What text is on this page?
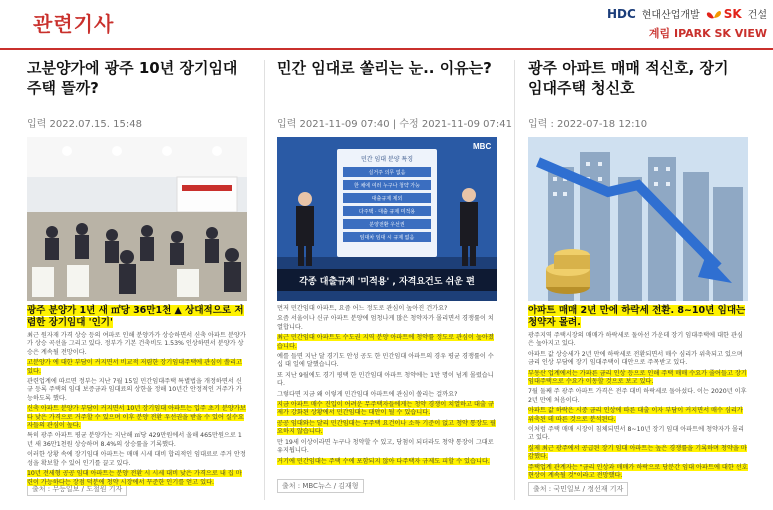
관련기사	HDC 현대산업개발 SK 건설
계림 IPARK SK VIEW
고분양가에 광주 10년 장기임대 주택 뜰까?
입력 2022.07.15. 15:48
광주 분양가 1년 새 ㎡당 36만1천 ▲ 상대적으로 저렴한 장기임대 '인기'

최근 원자재 가격 상승 등의 여파로 인해 분양가가 상승하면서 신축 아파트 분양가가 상승 곡선을 그리고 있다. 정부가 기본 건축비도 1.53% 인상하면서 분양가 상승은 계속될 전망이다.

고분양가 에 대한 부담이 커지면서 비교적 저렴한 장기임대주택에 관심이 쏠리고 있다.

관련업계에 따르면 정부는 지난 7월 15일 민간임대주택 특별법을 개정하면서 신규 등록 주택의 임대 보증금과 임대료의 상한을 정해 10년간 안정적인 거주가 가능하도록 했다.

신축 아파트 분양가 부담이 커지면서 10년 장기임대 아파트는 입주 초기 분양가보다 낮은 가격으로 거주할 수 있으며 이후 분양 전환 우선권을 받을 수 있어 실수요자들의 관심이 높다.

특히 광주 아파트 평균 분양가는 지난해 ㎡당 429만원에서 올해 465만원으로 1년 새 36만1천원 상승하며 8.4%의 상승률을 기록했다.

이러한 상황 속에 장기임대 아파트는 매매 시세 대비 합리적인 임대료로 주거 안정성을 확보할 수 있어 인기를 끌고 있다.

10년 전세형 공공 임대 아파트는 분양 전환 시 시세 대비 낮은 가격으로 내 집 마련이 가능하다는 장점 덕분에 청약 시장에서 꾸준한 인기를 얻고 있다.

출처 : 무등일보 / 도철원 기자
민간 임대로 쏠리는 눈.. 이유는?
입력 2021-11-09 07:40 | 수정 2021-11-09 07:41
MBC
민간 임대 분양 특징
실거주 의무 없음
한 채에 여러 누구나 청약 가능
대출규제 제외
다주택 · 대출 규제 미적용
분양전환 우선권
임대차 임대 시 규제 없음
각종 대출규제 '미적용' , 자격요건도 쉬운 편

먼저 민간임대 아파트, 요즘 어느 정도로 관심이 높아진 건가요?

요즘 서울이나 신규 아파트 분양에 엄청나게 많은 청약자가 몰리면서 경쟁률이 치열합니다.

최근 민간임대 아파트도 수도권 지역 분양 아파트에 청약률 정도로 관심이 높아졌습니다.

예를 들면 지난 달 경기도 안성 공도 한 민간임대 아파트의 경우 평균 경쟁률이 수십 대 일에 달했습니다.

또 지난 9월에도 경기 평택 한 민간임대 아파트 청약에는 1만 명이 넘게 몰렸습니다.

그렇다면 지금 왜 이렇게 민간임대 아파트에 관심이 쏠리는 걸까요?

지금 아파트 매수 진입이 어려운 무주택자들에게는 청약 경쟁이 치열하고 대출 규제가 강화된 상황에서 민간임대는 대안이 될 수 있습니다.

공공 임대와는 달리 민간임대는 무주택 요건이나 소득 기준이 없고 청약 통장도 필요하지 않습니다.

만 19세 이상이라면 누구나 청약할 수 있고, 당첨이 되더라도 청약 통장이 그대로 유지됩니다.

거기에 민간임대는 주택 수에 포함되지 않아 다주택자 규제도 피할 수 있습니다.

출처 : MBC뉴스 / 김재형
광주 아파트 매매 적신호, 장기 임대주택 청신호
입력 : 2022-07-18 12:10
아파트 매매 2년 만에 하락세 전환. 8~10년 임대는 청약자 몰려.

광주지역 주택시장의 매매가 하락세로 돌아선 가운데 장기 임대주택에 대한 관심은 높아지고 있다.

아파트 값 상승세가 2년 만에 하락세로 전환되면서 매수 심리가 위축되고 있으며 금리 인상 부담에 장기 임대주택이 대안으로 주목받고 있다.

부동산 업계에서는 가파른 금리 인상 등으로 인해 주택 매매 수요가 줄어들고 장기 임대주택으로 수요가 이동할 것으로 보고 있다.

7월 둘째 주 광주 아파트 가격은 전주 대비 하락세로 돌아섰다. 이는 2020년 이후 2년 만에 처음이다.

아파트 값 하락은 시중 금리 인상에 따른 대출 이자 부담이 커지면서 매수 심리가 위축된 데 따른 것으로 분석된다.

이처럼 주택 매매 시장이 침체되면서 8~10년 장기 임대 아파트에 청약자가 몰리고 있다.

실제 최근 광주에서 공급된 장기 임대 아파트는 높은 경쟁률을 기록하며 청약을 마감했다.

주택업계 관계자는 "금리 인상과 매매가 하락으로 당분간 임대 아파트에 대한 선호 현상이 계속될 것"이라고 전망했다.

출처 : 국민일보 / 정선재 기자
